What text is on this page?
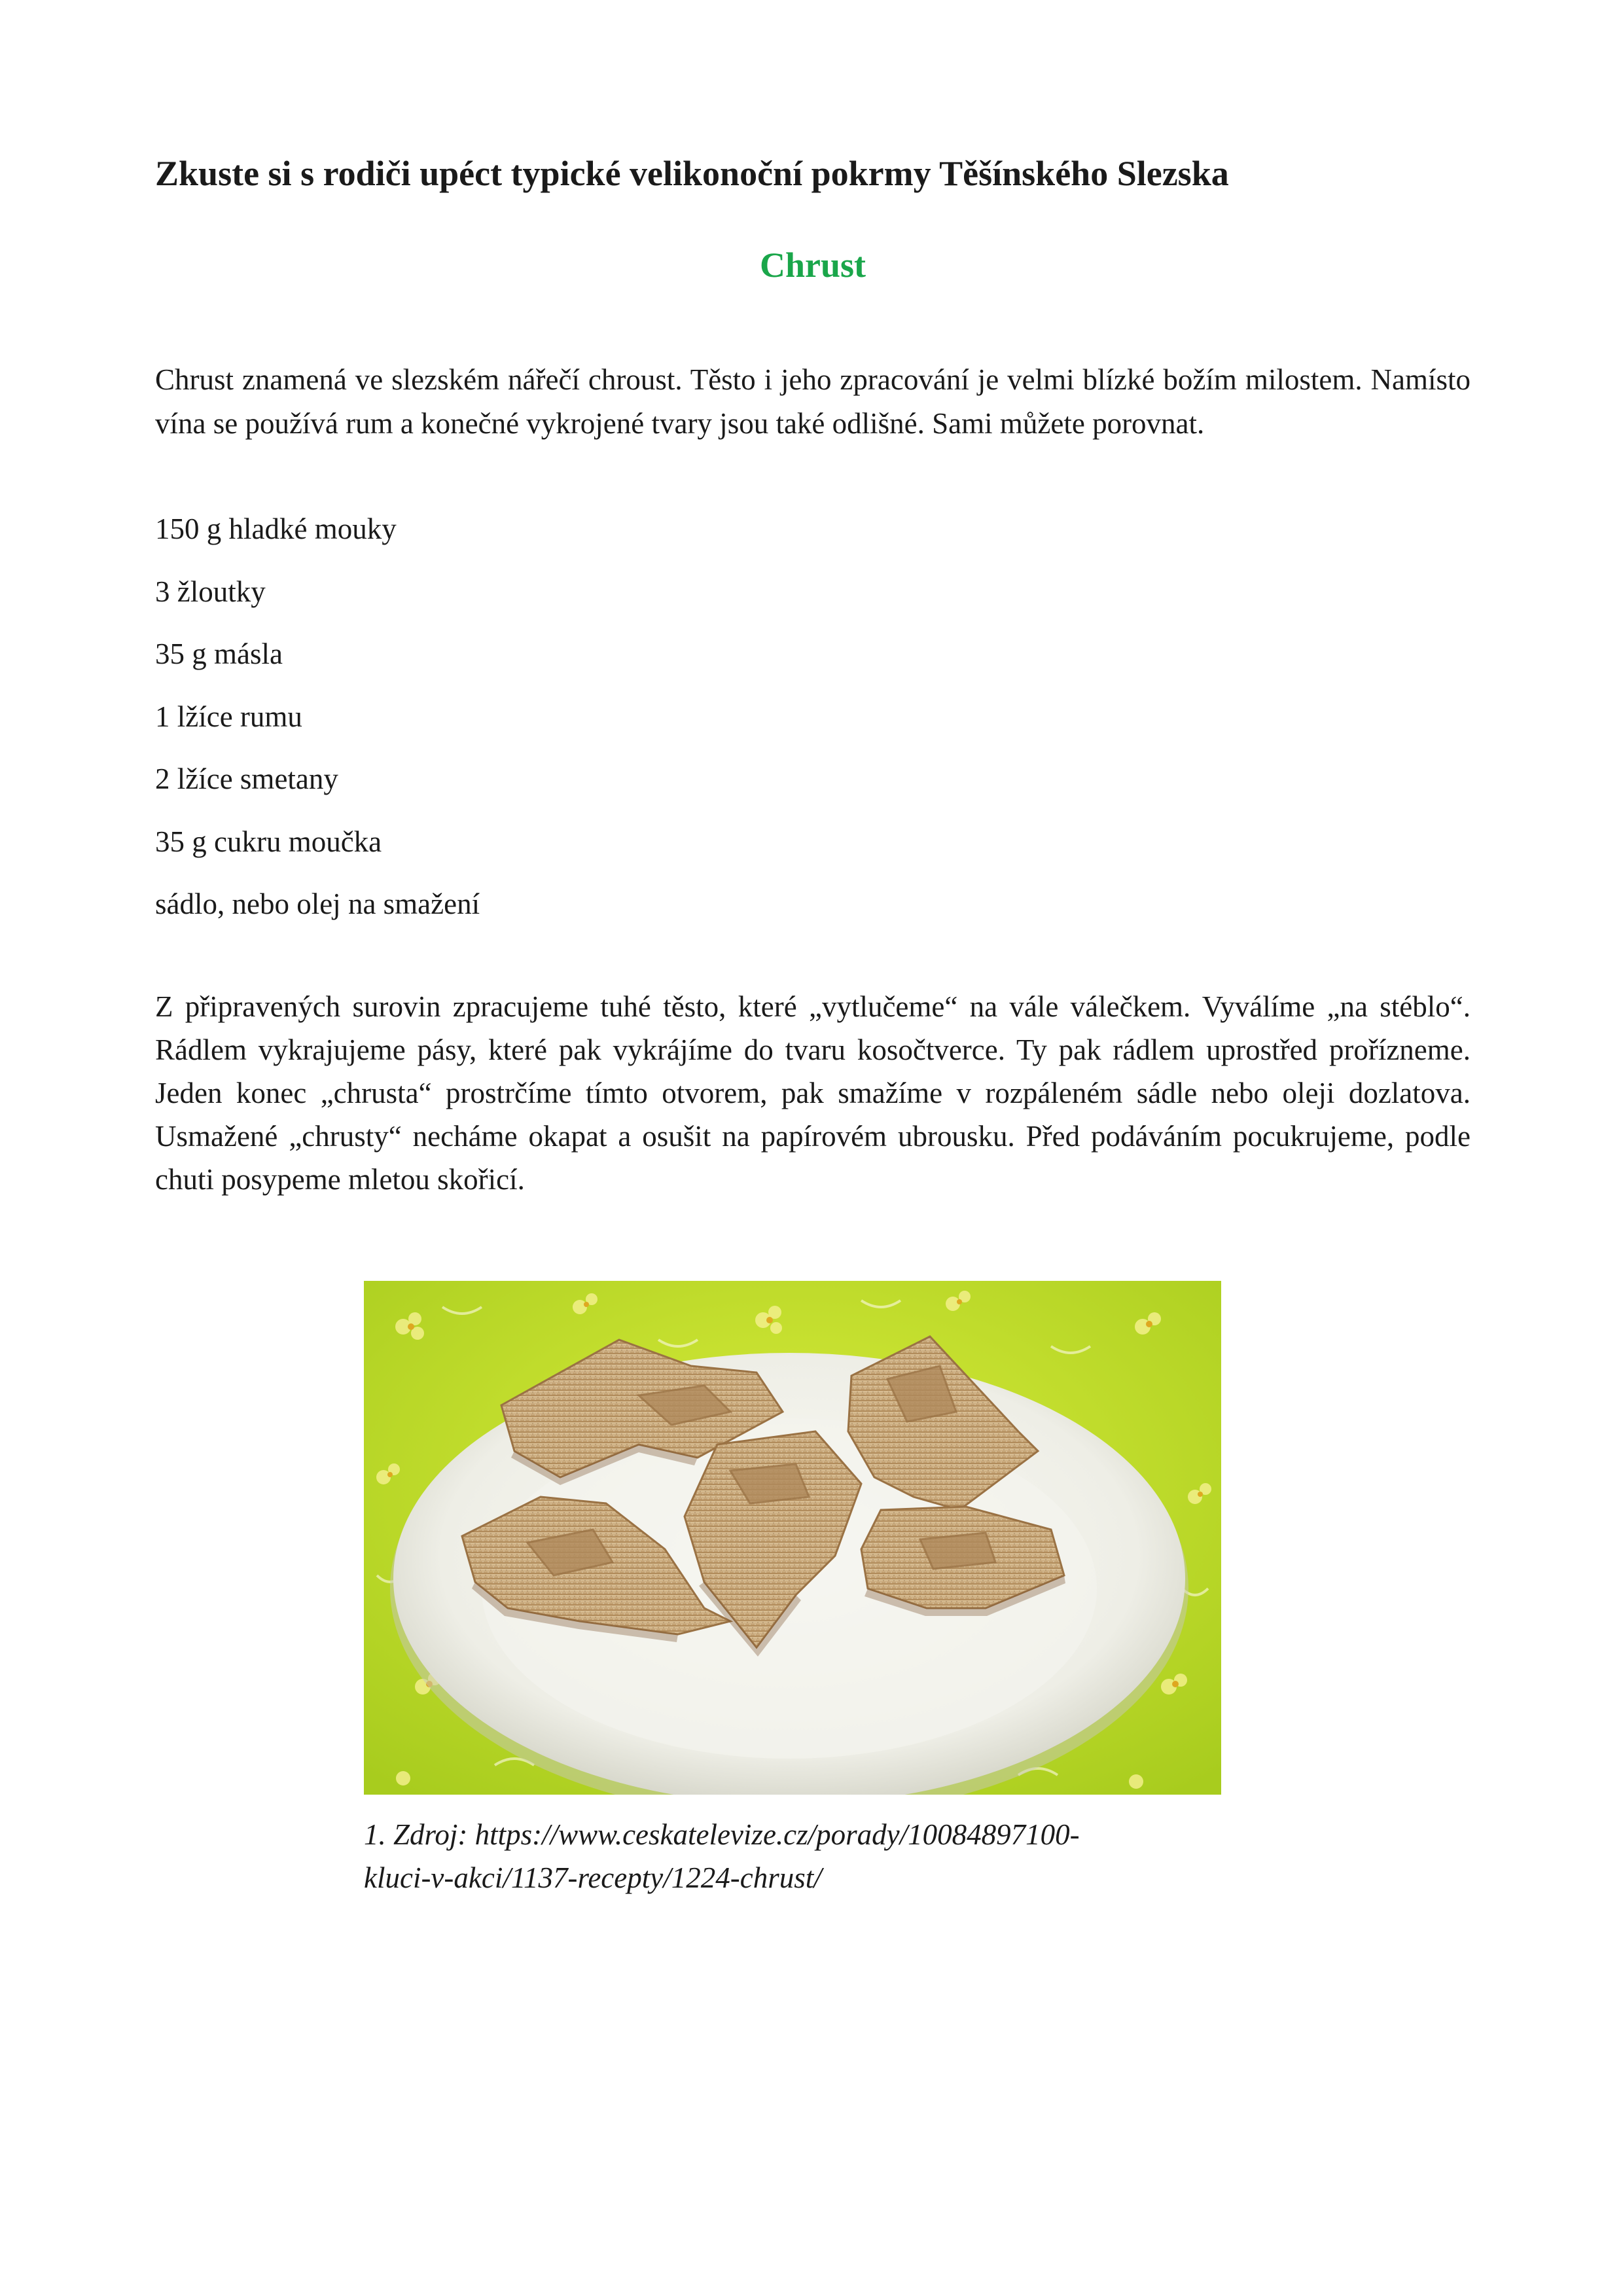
Zkuste si s rodiči upéct typické velikonoční pokrmy Těšínského Slezska
Chrust

Chrust znamená ve slezském nářečí chroust. Těsto i jeho zpracování je velmi blízké božím milostem. Namísto vína se používá rum a konečné vykrojené tvary jsou také odlišné. Sami můžete porovnat.

150 g hladké mouky
3 žloutky
35 g másla
1 lžíce rumu
2 lžíce smetany
35 g cukru moučka
sádlo, nebo olej na smažení

Z připravených surovin zpracujeme tuhé těsto, které „vytlučeme“ na vále válečkem. Vyválíme „na stéblo“. Rádlem vykrajujeme pásy, které pak vykrájíme do tvaru kosočtverce. Ty pak rádlem uprostřed prořízneme. Jeden konec „chrusta“ prostrčíme tímto otvorem, pak smažíme v rozpáleném sádle nebo oleji dozlatova. Usmažené „chrusty“ necháme okapat a osušit na papírovém ubrousku. Před podáváním pocukrujeme, podle chuti posypeme mletou skořicí.

1. Zdroj: https://www.ceskatelevize.cz/porady/10084897100-
kluci-v-akci/1137-recepty/1224-chrust/
